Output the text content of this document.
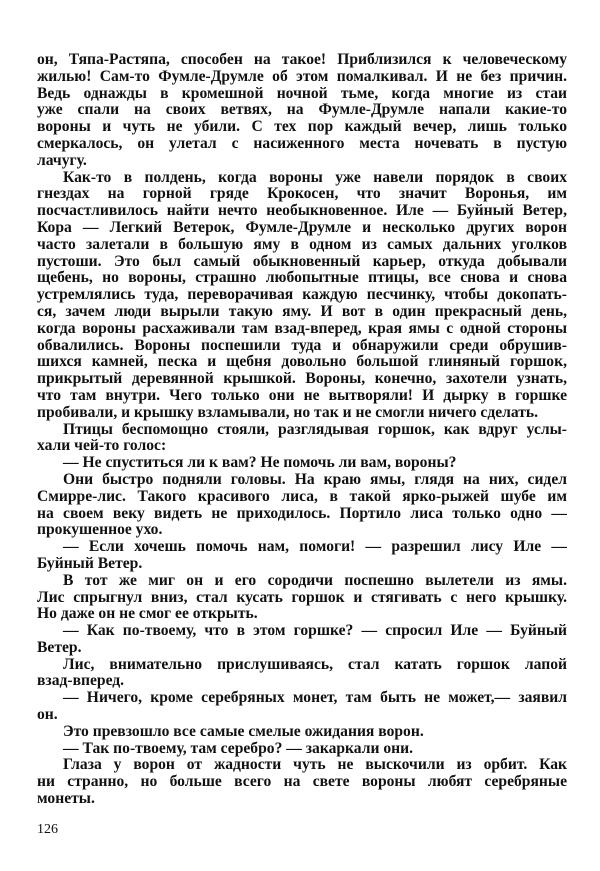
он, Тяпа-Растяпа, способен на такое! Приблизился к человеческому
жилью! Сам-то Фумле-Друмле об этом помалкивал. И не без причин.
Ведь однажды в кромешной ночной тьме, когда многие из стаи
уже спали на своих ветвях, на Фумле-Друмле напали какие-то
вороны и чуть не убили. С тех пор каждый вечер, лишь только
смеркалось, он улетал с насиженного места ночевать в пустую
лачугу.
Как-то в полдень, когда вороны уже навели порядок в своих
гнездах на горной гряде Крокосен, что значит Воронья, им
посчастливилось найти нечто необыкновенное. Иле — Буйный Ветер,
Кора — Легкий Ветерок, Фумле-Друмле и несколько других ворон
часто залетали в большую яму в одном из самых дальних уголков
пустоши. Это был самый обыкновенный карьер, откуда добывали
щебень, но вороны, страшно любопытные птицы, все снова и снова
устремлялись туда, переворачивая каждую песчинку, чтобы докопать-
ся, зачем люди вырыли такую яму. И вот в один прекрасный день,
когда вороны расхаживали там взад-вперед, края ямы с одной стороны
обвалились. Вороны поспешили туда и обнаружили среди обрушив-
шихся камней, песка и щебня довольно большой глиняный горшок,
прикрытый деревянной крышкой. Вороны, конечно, захотели узнать,
что там внутри. Чего только они не вытворяли! И дырку в горшке
пробивали, и крышку взламывали, но так и не смогли ничего сделать.
Птицы беспомощно стояли, разглядывая горшок, как вдруг услы-
хали чей-то голос:
— Не спуститься ли к вам? Не помочь ли вам, вороны?
Они быстро подняли головы. На краю ямы, глядя на них, сидел
Смирре-лис. Такого красивого лиса, в такой ярко-рыжей шубе им
на своем веку видеть не приходилось. Портило лиса только одно —
прокушенное ухо.
— Если хочешь помочь нам, помоги! — разрешил лису Иле —
Буйный Ветер.
В тот же миг он и его сородичи поспешно вылетели из ямы.
Лис спрыгнул вниз, стал кусать горшок и стягивать с него крышку.
Но даже он не смог ее открыть.
— Как по-твоему, что в этом горшке? — спросил Иле — Буйный
Ветер.
Лис, внимательно прислушиваясь, стал катать горшок лапой
взад-вперед.
— Ничего, кроме серебряных монет, там быть не может,— заявил
он.
Это превзошло все самые смелые ожидания ворон.
— Так по-твоему, там серебро? — закаркали они.
Глаза у ворон от жадности чуть не выскочили из орбит. Как
ни странно, но больше всего на свете вороны любят серебряные
монеты.
126
